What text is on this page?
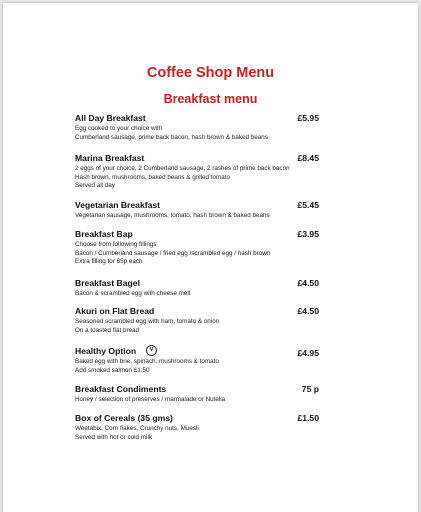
Coffee Shop Menu
Breakfast menu
All Day Breakfast
Egg cooked to your choice with
Cumberland sausage, prime back bacon, hash brown & baked beans
£5.95
Marina Breakfast
2 eggs of your choice, 2 Cumberland sausage, 2 rashes of prime back bacon
Hash brown, mushrooms, baked beans & grilled tomato
Served all day
£8.45
Vegetarian Breakfast
Vegetarian sausage, mushrooms, tomato, hash brown & baked beans
£5.45
Breakfast Bap
Choose from following fillings
Bacon / Cumberland sausage / fried egg /scrambled egg / hash brown
Extra filling for 65p each
£3.95
Breakfast Bagel
Bacon & scrambled egg with cheese melt
£4.50
Akuri on Flat Bread
Seasoned scrambled egg with ham, tomato & onion
On a toasted flat bread
£4.50
Healthy Option V
Baked egg with brie, spinach, mushrooms & tomato
Add smoked salmon £1.50
£4.95
Breakfast Condiments
Honey / selection of preserves / marmalade or Nutella
75 p
Box of Cereals (35 gms)
Weetabix, Corn flakes, Crunchy nuts, Muesli
Served with hot or cold milk
£1.50
